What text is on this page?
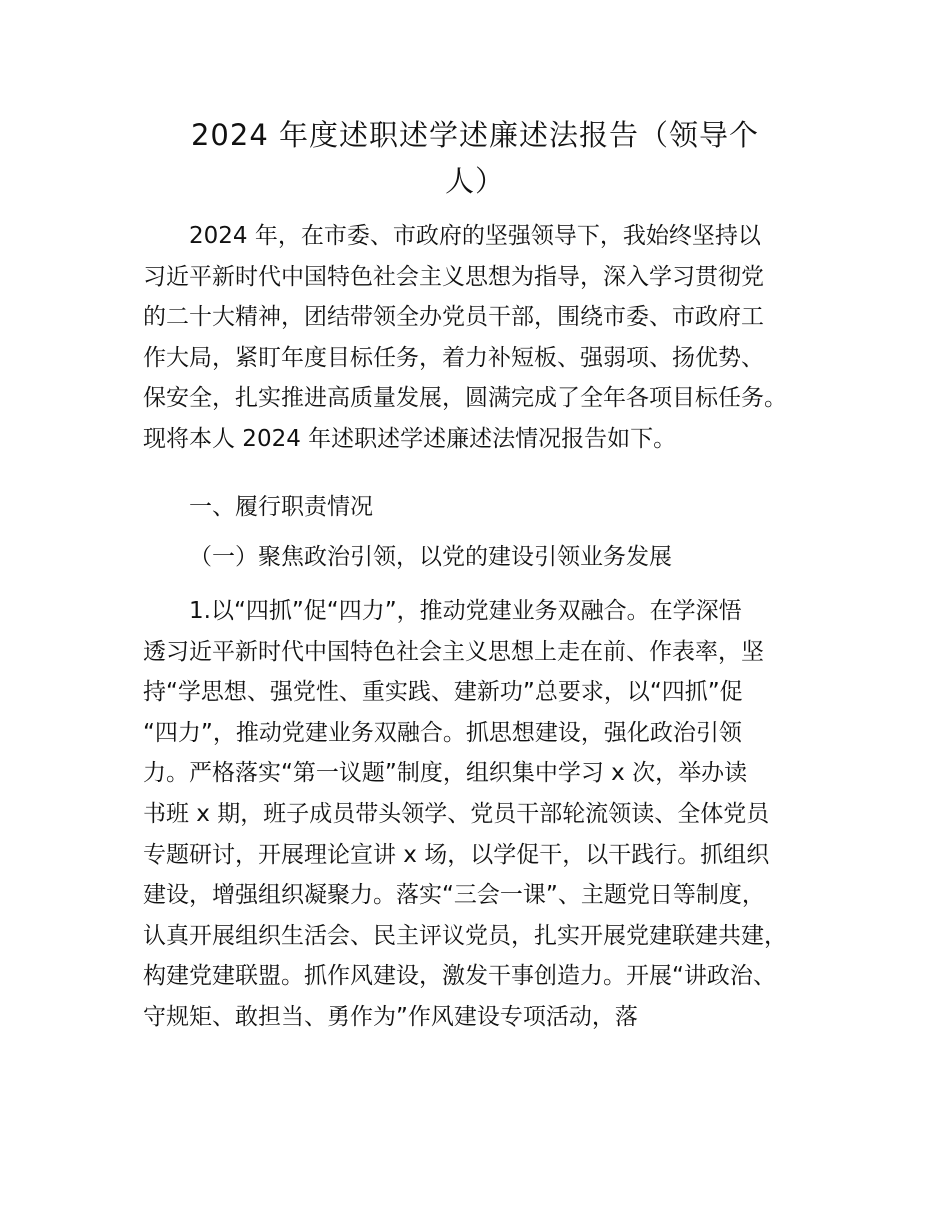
2024 年度述职述学述廉述法报告（领导个
人）

2024 年，在市委、市政府的坚强领导下，我始终坚持以
习近平新时代中国特色社会主义思想为指导，深入学习贯彻党
的二十大精神，团结带领全办党员干部，围绕市委、市政府工
作大局，紧盯年度目标任务，着力补短板、强弱项、扬优势、
保安全，扎实推进高质量发展，圆满完成了全年各项目标任务。
现将本人 2024 年述职述学述廉述法情况报告如下。

一、履行职责情况

（一）聚焦政治引领，以党的建设引领业务发展

1.以“四抓”促“四力”，推动党建业务双融合。在学深悟
透习近平新时代中国特色社会主义思想上走在前、作表率，坚
持“学思想、强党性、重实践、建新功”总要求，以“四抓”促
“四力”，推动党建业务双融合。抓思想建设，强化政治引领
力。严格落实“第一议题”制度，组织集中学习 x 次，举办读
书班 x 期，班子成员带头领学、党员干部轮流领读、全体党员
专题研讨，开展理论宣讲 x 场，以学促干，以干践行。抓组织
建设，增强组织凝聚力。落实“三会一课”、主题党日等制度，
认真开展组织生活会、民主评议党员，扎实开展党建联建共建，
构建党建联盟。抓作风建设，激发干事创造力。开展“讲政治、
守规矩、敢担当、勇作为”作风建设专项活动，落
